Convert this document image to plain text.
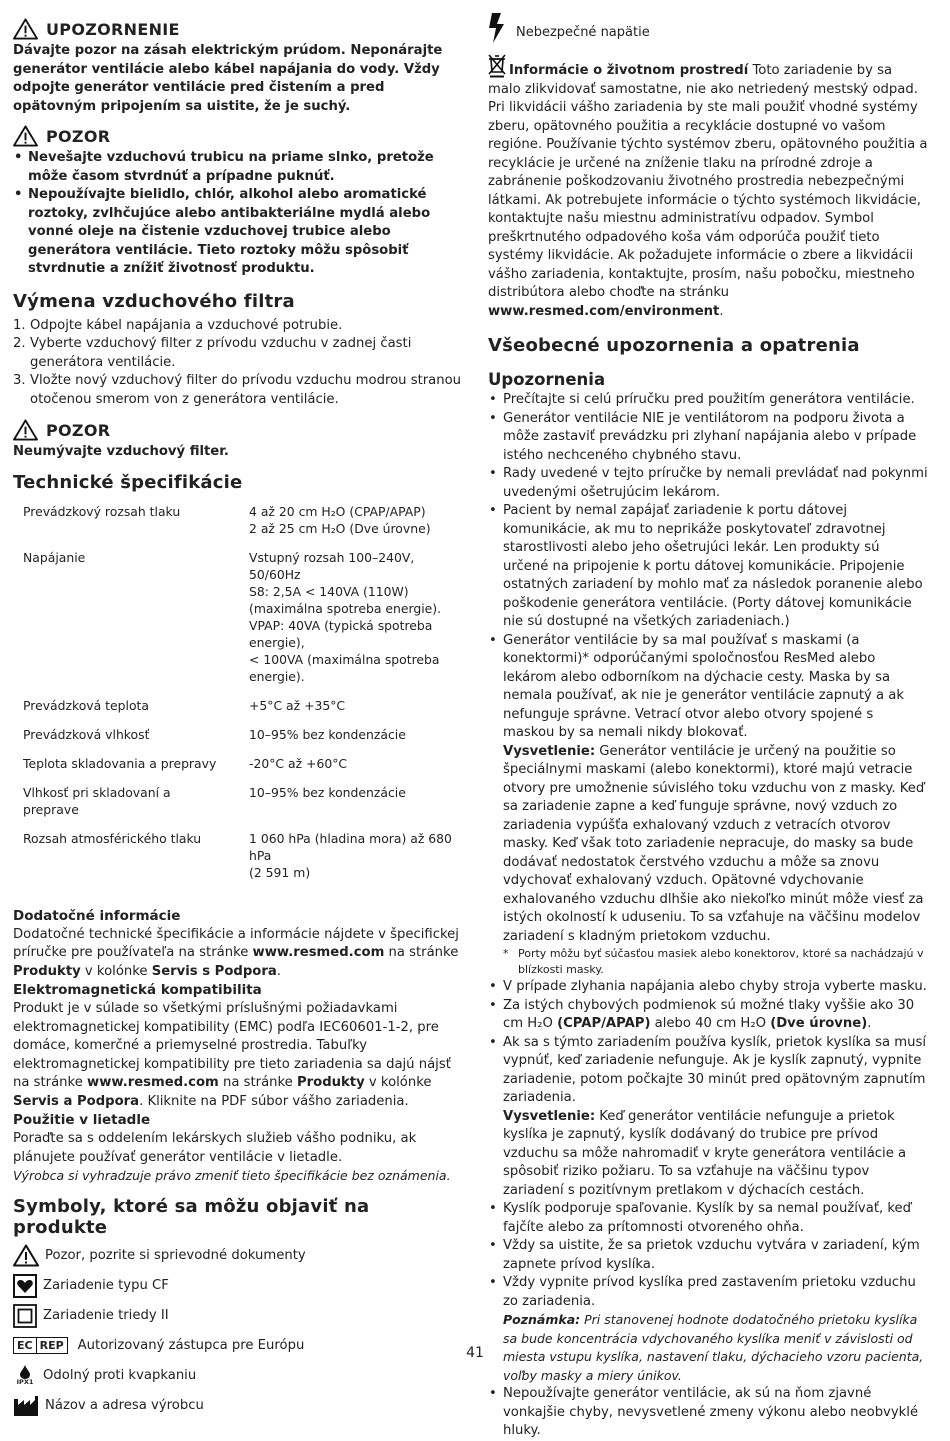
UPOZORNENIE

Dávajte pozor na zásah elektrickým prúdom. Neponárajte generátor ventilácie alebo kábel napájania do vody. Vždy odpojte generátor ventilácie pred čistením a pred opätovným pripojením sa uistite, že je suchý.

POZOR
• Nevešajte vzduchovú trubicu na priame slnko, pretože môže časom stvrdnúť a prípadne puknúť.
• Nepoužívajte bielidlo, chlór, alkohol alebo aromatické roztoky, zvlhčujúce alebo antibakteriálne mydlá alebo vonné oleje na čistenie vzduchovej trubice alebo generátora ventilácie. Tieto roztoky môžu spôsobiť stvrdnutie a znížiť životnosť produktu.
Výmena vzduchového filtra
1. Odpojte kábel napájania a vzduchové potrubie.
2. Vyberte vzduchový filter z prívodu vzduchu v zadnej časti generátora ventilácie.
3. Vložte nový vzduchový filter do prívodu vzduchu modrou stranou otočenou smerom von z generátora ventilácie.
POZOR

Neumývajte vzduchový filter.

Technické špecifikácie
Prevádzkový rozsah tlaku	4 až 20 cm H₂O (CPAP/APAP)
2 až 25 cm H₂O (Dve úrovne)

Napájanie	Vstupný rozsah 100–240V, 50/60Hz
S8: 2,5A < 140VA (110W) (maximálna spotreba energie).
VPAP: 40VA (typická spotreba energie),
< 100VA (maximálna spotreba energie).

Prevádzková teplota	+5°C až +35°C
Prevádzková vlhkosť	10–95% bez kondenzácie
Teplota skladovania a prepravy	-20°C až +60°C
Vlhkosť pri skladovaní a preprave	10–95% bez kondenzácie
Rozsah atmosférického tlaku	1 060 hPa (hladina mora) až 680 hPa
(2 591 m)
Dodatočné informácie

Dodatočné technické špecifikácie a informácie nájdete v špecifickej príručke pre používateľa na stránke www.resmed.com na stránke Produkty v kolónke Servis s Podpora.

Elektromagnetická kompatibilita

Produkt je v súlade so všetkými príslušnými požiadavkami elektromagnetickej kompatibility (EMC) podľa IEC60601-1-2, pre domáce, komerčné a priemyselné prostredia. Tabuľky elektromagnetickej kompatibility pre tieto zariadenia sa dajú nájsť na stránke www.resmed.com na stránke Produkty v kolónke Servis a Podpora. Kliknite na PDF súbor vášho zariadenia.

Použitie v lietadle

Poraďte sa s oddelením lekárskych služieb vášho podniku, ak plánujete používať generátor ventilácie v lietadle.

Výrobca si vyhradzuje právo zmeniť tieto špecifikácie bez oznámenia.

Symboly, ktoré sa môžu objaviť na produkte
Pozor, pozrite si sprievodné dokumenty
Zariadenie typu CF
Zariadenie triedy II
EC REP Autorizovaný zástupca pre Európu
IPX1 Odolný proti kvapkaniu
Názov a adresa výrobcu
Nebezpečné napätie

Informácie o životnom prostredí Toto zariadenie by sa malo zlikvidovať samostatne, nie ako netriedený mestský odpad. Pri likvidácii vášho zariadenia by ste mali použiť vhodné systémy zberu, opätovného použitia a recyklácie dostupné vo vašom regióne. Používanie týchto systémov zberu, opätovného použitia a recyklácie je určené na zníženie tlaku na prírodné zdroje a zabránenie poškodzovaniu životného prostredia nebezpečnými látkami. Ak potrebujete informácie o týchto systémoch likvidácie, kontaktujte našu miestnu administratívu odpadov. Symbol preškrtnutého odpadového koša vám odporúča použiť tieto systémy likvidácie. Ak požadujete informácie o zbere a likvidácii vášho zariadenia, kontaktujte, prosím, našu pobočku, miestneho distribútora alebo choďte na stránku www.resmed.com/environment.

Všeobecné upozornenia a opatrenia
Upozornenia
• Prečítajte si celú príručku pred použitím generátora ventilácie.
• Generátor ventilácie NIE je ventilátorom na podporu života a môže zastaviť prevádzku pri zlyhaní napájania alebo v prípade istého nechceného chybného stavu.
• Rady uvedené v tejto príručke by nemali prevládať nad pokynmi uvedenými ošetrujúcim lekárom.
• Pacient by nemal zapájať zariadenie k portu dátovej komunikácie, ak mu to neprikáže poskytovateľ zdravotnej starostlivosti alebo jeho ošetrujúci lekár. Len produkty sú určené na pripojenie k portu dátovej komunikácie. Pripojenie ostatných zariadení by mohlo mať za následok poranenie alebo poškodenie generátora ventilácie. (Porty dátovej komunikácie nie sú dostupné na všetkých zariadeniach.)
• Generátor ventilácie by sa mal používať s maskami (a konektormi)* odporúčanými spoločnosťou ResMed alebo lekárom alebo odborníkom na dýchacie cesty. Maska by sa nemala používať, ak nie je generátor ventilácie zapnutý a ak nefunguje správne. Vetrací otvor alebo otvory spojené s maskou by sa nemali nikdy blokovať.
Vysvetlenie: Generátor ventilácie je určený na použitie so špeciálnymi maskami (alebo konektormi), ktoré majú vetracie otvory pre umožnenie súvislého toku vzduchu von z masky. Keď sa zariadenie zapne a keď funguje správne, nový vzduch zo zariadenia vypúšťa exhalovaný vzduch z vetracích otvorov masky. Keď však toto zariadenie nepracuje, do masky sa bude dodávať nedostatok čerstvého vzduchu a môže sa znovu vdychovať exhalovaný vzduch. Opätovné vdychovanie exhalovaného vzduchu dlhšie ako niekoľko minút môže viesť za istých okolností k uduseniu. To sa vzťahuje na väčšinu modelov zariadení s kladným prietokom vzduchu.
* Porty môžu byť súčasťou masiek alebo konektorov, ktoré sa nachádzajú v blízkosti masky.
• V prípade zlyhania napájania alebo chyby stroja vyberte masku.
• Za istých chybových podmienok sú možné tlaky vyššie ako 30 cm H₂O (CPAP/APAP) alebo 40 cm H₂O (Dve úrovne).
• Ak sa s týmto zariadením používa kyslík, prietok kyslíka sa musí vypnúť, keď zariadenie nefunguje. Ak je kyslík zapnutý, vypnite zariadenie, potom počkajte 30 minút pred opätovným zapnutím zariadenia.
Vysvetlenie: Keď generátor ventilácie nefunguje a prietok kyslíka je zapnutý, kyslík dodávaný do trubice pre prívod vzduchu sa môže nahromadiť v kryte generátora ventilácie a spôsobiť riziko požiaru. To sa vzťahuje na väčšinu typov zariadení s pozitívnym pretlakom v dýchacích cestách.
• Kyslík podporuje spaľovanie. Kyslík by sa nemal používať, keď fajčíte alebo za prítomnosti otvoreného ohňa.
• Vždy sa uistite, že sa prietok vzduchu vytvára v zariadení, kým zapnete prívod kyslíka.
• Vždy vypnite prívod kyslíka pred zastavením prietoku vzduchu zo zariadenia.
Poznámka: Pri stanovenej hodnote dodatočného prietoku kyslíka sa bude koncentrácia vdychovaného kyslíka meniť v závislosti od miesta vstupu kyslíka, nastavení tlaku, dýchacieho vzoru pacienta, voľby masky a miery únikov.
• Nepoužívajte generátor ventilácie, ak sú na ňom zjavné vonkajšie chyby, nevysvetlené zmeny výkonu alebo neobvyklé hluky.
41
